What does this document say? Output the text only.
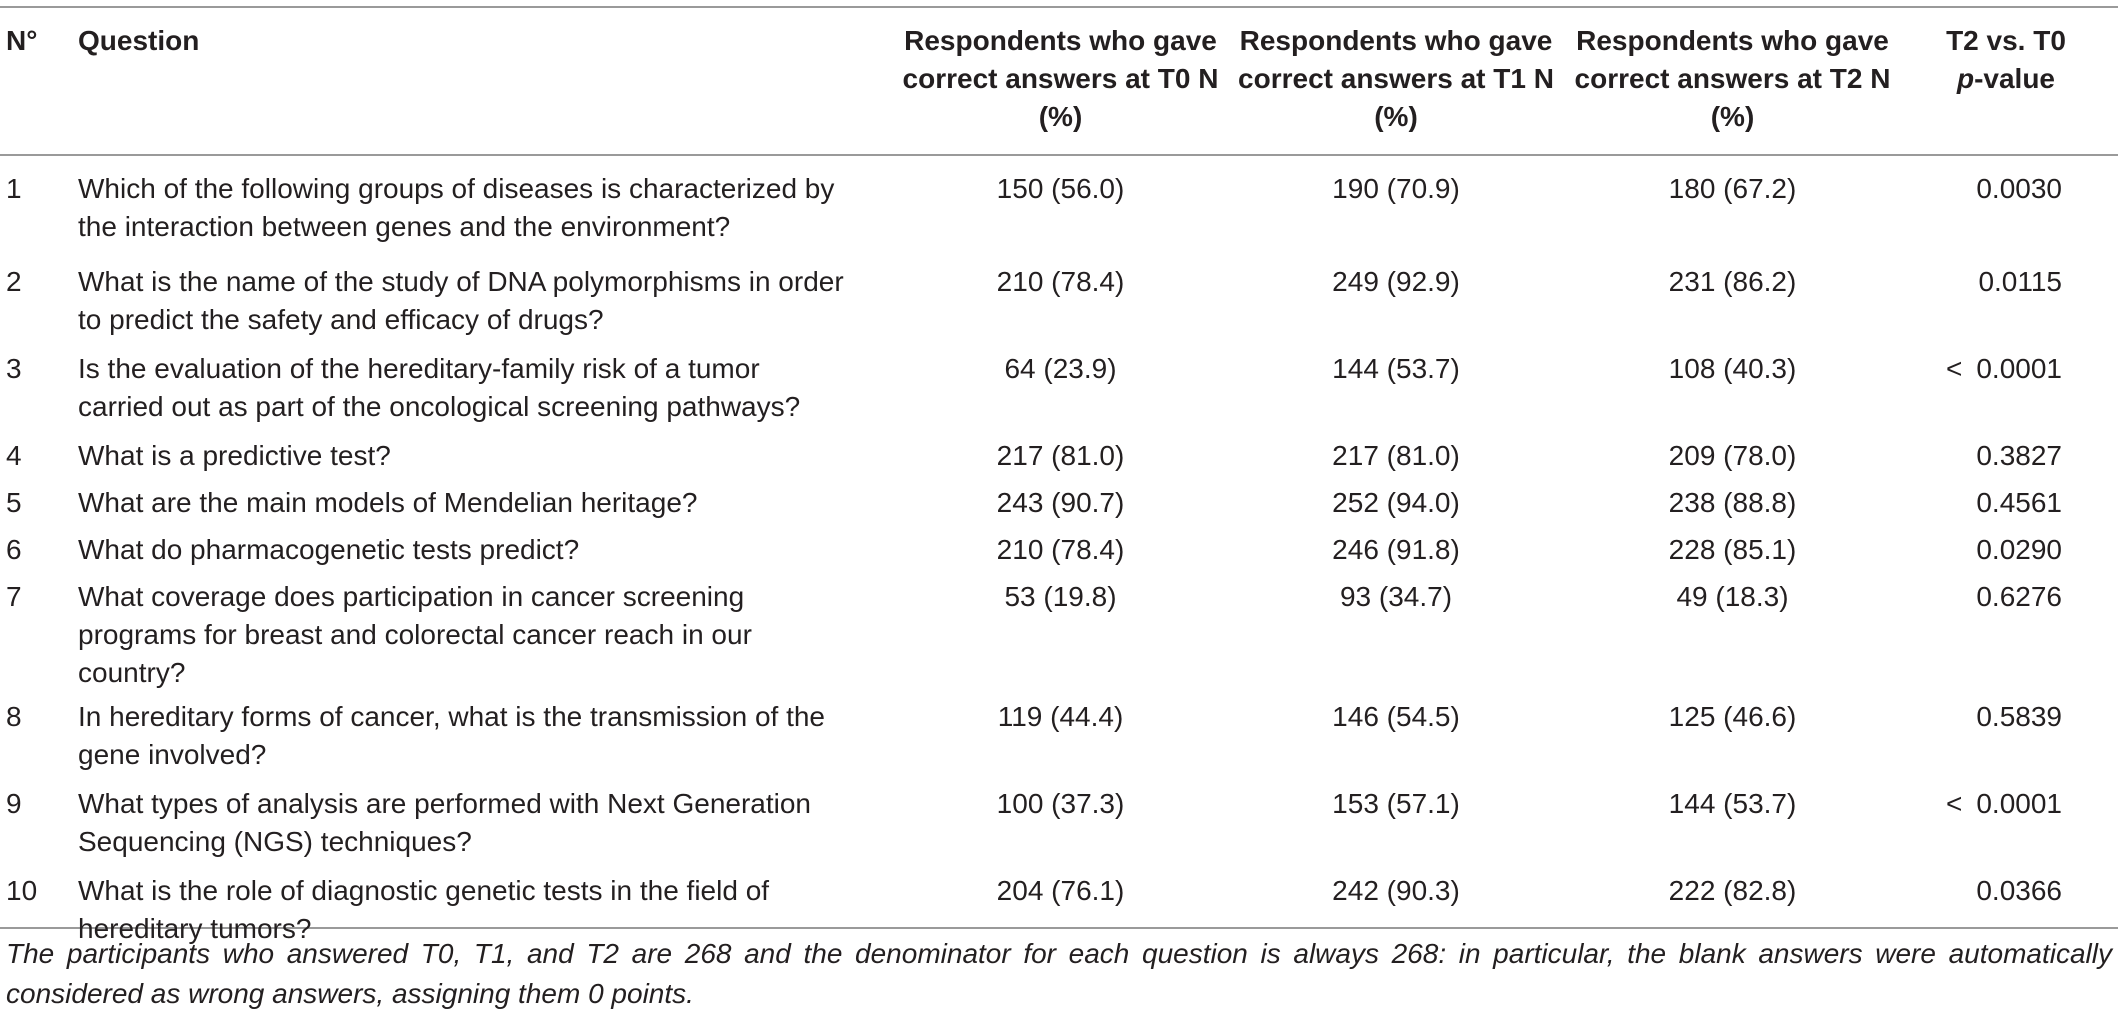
N°	Question	Respondents who gave correct answers at T0 N (%)	Respondents who gave correct answers at T1 N (%)	Respondents who gave correct answers at T2 N (%)	T2 vs. T0
p-value

1	Which of the following groups of diseases is characterized by the interaction between genes and the environment?	150 (56.0)	190 (70.9)	180 (67.2)	0.0030
2	What is the name of the study of DNA polymorphisms in order to predict the safety and efficacy of drugs?	210 (78.4)	249 (92.9)	231 (86.2)	0.0115
3	Is the evaluation of the hereditary-family risk of a tumor carried out as part of the oncological screening pathways?	64 (23.9)	144 (53.7)	108 (40.3)	< 0.0001
4	What is a predictive test?	217 (81.0)	217 (81.0)	209 (78.0)	0.3827
5	What are the main models of Mendelian heritage?	243 (90.7)	252 (94.0)	238 (88.8)	0.4561
6	What do pharmacogenetic tests predict?	210 (78.4)	246 (91.8)	228 (85.1)	0.0290
7	What coverage does participation in cancer screening programs for breast and colorectal cancer reach in our country?	53 (19.8)	93 (34.7)	49 (18.3)	0.6276
8	In hereditary forms of cancer, what is the transmission of the gene involved?	119 (44.4)	146 (54.5)	125 (46.6)	0.5839
9	What types of analysis are performed with Next Generation Sequencing (NGS) techniques?	100 (37.3)	153 (57.1)	144 (53.7)	< 0.0001
10	What is the role of diagnostic genetic tests in the field of hereditary tumors?	204 (76.1)	242 (90.3)	222 (82.8)	0.0366
The participants who answered T0, T1, and T2 are 268 and the denominator for each question is always 268: in particular, the blank answers were automatically considered as wrong answers, assigning them 0 points.
